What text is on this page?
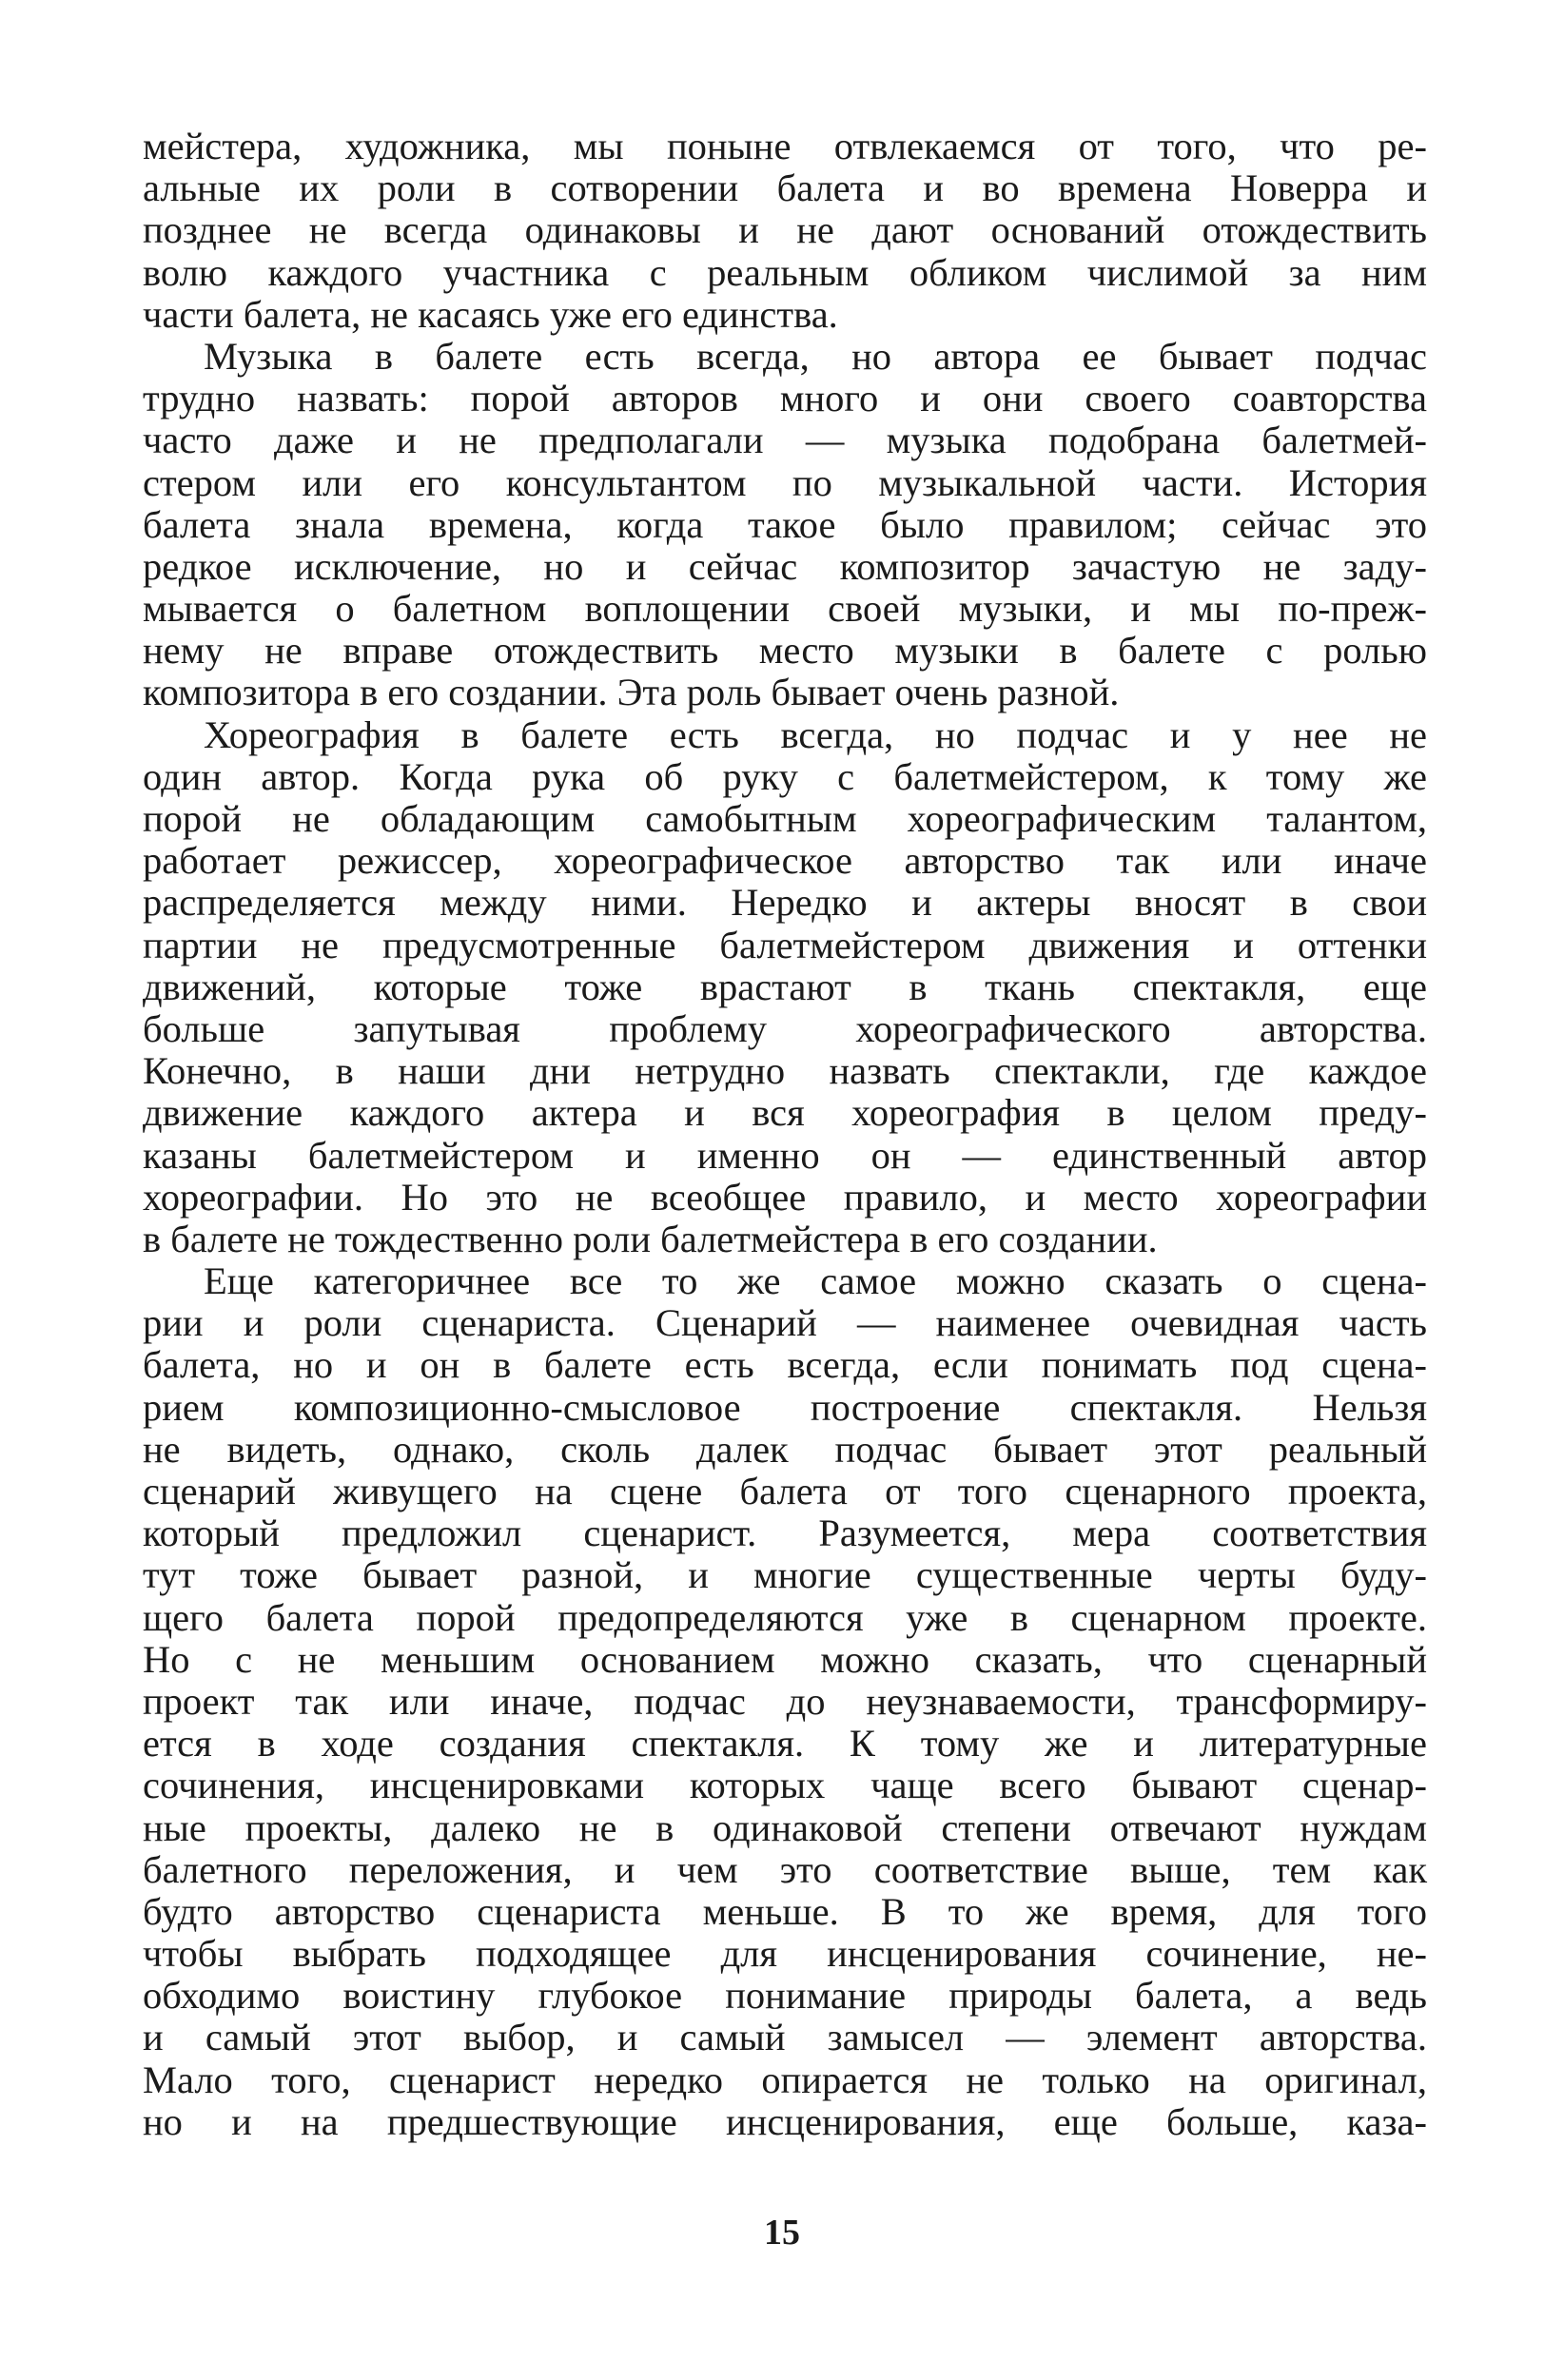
мейстера, художника, мы поныне отвлекаемся от того, что ре-
альные их роли в сотворении балета и во времена Новерра и
позднее не всегда одинаковы и не дают оснований отождествить
волю каждого участника с реальным обликом числимой за ним
части балета, не касаясь уже его единства.
Музыка в балете есть всегда, но автора ее бывает подчас
трудно назвать: порой авторов много и они своего соавторства
часто даже и не предполагали — музыка подобрана балетмей-
стером или его консультантом по музыкальной части. История
балета знала времена, когда такое было правилом; сейчас это
редкое исключение, но и сейчас композитор зачастую не заду-
мывается о балетном воплощении своей музыки, и мы по-преж-
нему не вправе отождествить место музыки в балете с ролью
композитора в его создании. Эта роль бывает очень разной.
Хореография в балете есть всегда, но подчас и у нее не
один автор. Когда рука об руку с балетмейстером, к тому же
порой не обладающим самобытным хореографическим талантом,
работает режиссер, хореографическое авторство так или иначе
распределяется между ними. Нередко и актеры вносят в свои
партии не предусмотренные балетмейстером движения и оттенки
движений, которые тоже врастают в ткань спектакля, еще
больше запутывая проблему хореографического авторства.
Конечно, в наши дни нетрудно назвать спектакли, где каждое
движение каждого актера и вся хореография в целом преду-
казаны балетмейстером и именно он — единственный автор
хореографии. Но это не всеобщее правило, и место хореографии
в балете не тождественно роли балетмейстера в его создании.
Еще категоричнее все то же самое можно сказать о сцена-
рии и роли сценариста. Сценарий — наименее очевидная часть
балета, но и он в балете есть всегда, если понимать под сцена-
рием композиционно-смысловое построение спектакля. Нельзя
не видеть, однако, сколь далек подчас бывает этот реальный
сценарий живущего на сцене балета от того сценарного проекта,
который предложил сценарист. Разумеется, мера соответствия
тут тоже бывает разной, и многие существенные черты буду-
щего балета порой предопределяются уже в сценарном проекте.
Но с не меньшим основанием можно сказать, что сценарный
проект так или иначе, подчас до неузнаваемости, трансформиру-
ется в ходе создания спектакля. К тому же и литературные
сочинения, инсценировками которых чаще всего бывают сценар-
ные проекты, далеко не в одинаковой степени отвечают нуждам
балетного переложения, и чем это соответствие выше, тем как
будто авторство сценариста меньше. В то же время, для того
чтобы выбрать подходящее для инсценирования сочинение, не-
обходимо воистину глубокое понимание природы балета, а ведь
и самый этот выбор, и самый замысел — элемент авторства.
Мало того, сценарист нередко опирается не только на оригинал,
но и на предшествующие инсценирования, еще больше, каза-
15
